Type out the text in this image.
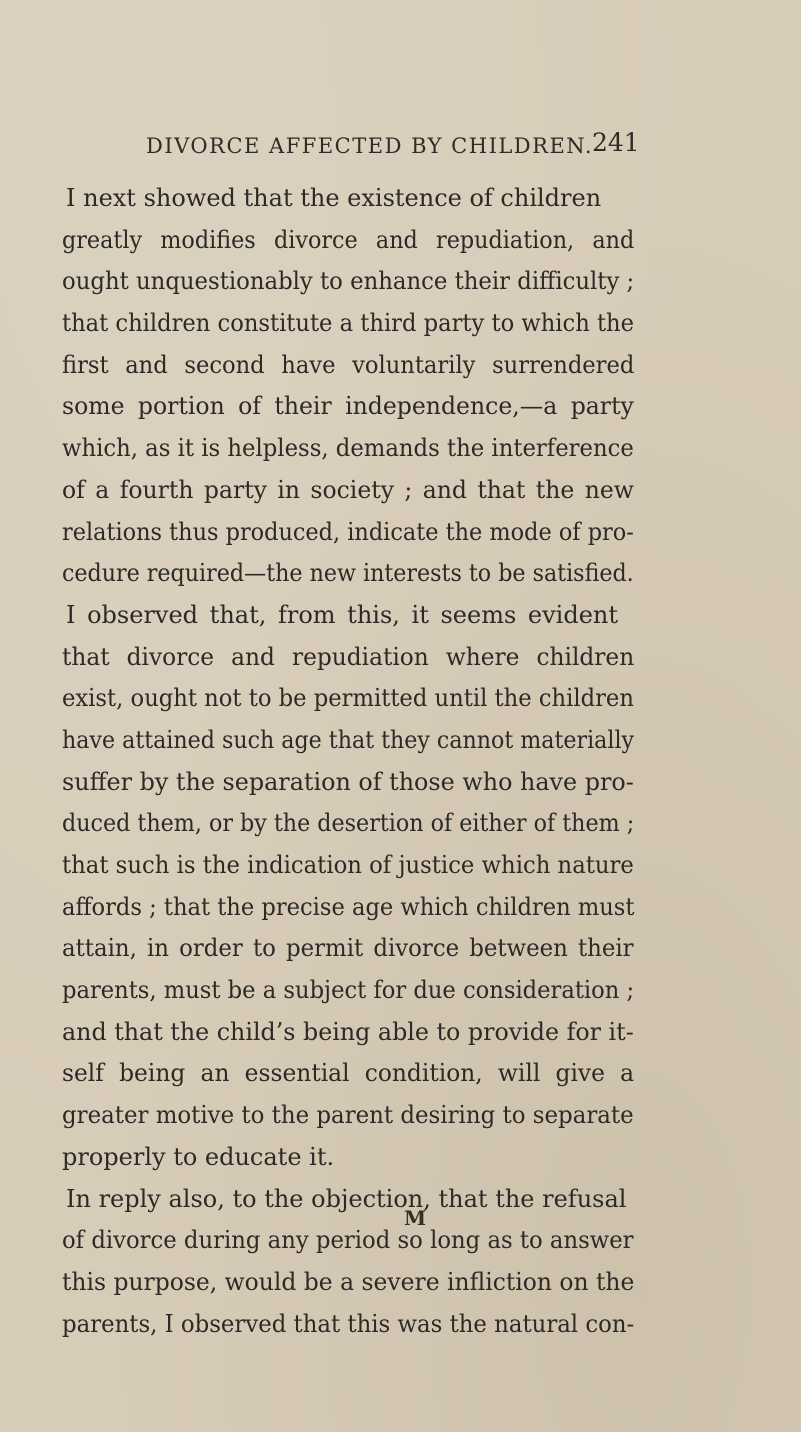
DIVORCE AFFECTED BY CHILDREN. 241
I next showed that the existence of children
greatly modifies divorce and repudiation, and
ought unquestionably to enhance their difficulty ;
that children constitute a third party to which the
first and second have voluntarily surrendered
some portion of their independence,—a party
which, as it is helpless, demands the interference
of a fourth party in society ; and that the new
relations thus produced, indicate the mode of pro-
cedure required—the new interests to be satisfied.
I observed that, from this, it seems evident
that divorce and repudiation where children
exist, ought not to be permitted until the children
have attained such age that they cannot materially
suffer by the separation of those who have pro-
duced them, or by the desertion of either of them ;
that such is the indication of justice which nature
affords ; that the precise age which children must
attain, in order to permit divorce between their
parents, must be a subject for due consideration ;
and that the child’s being able to provide for it-
self being an essential condition, will give a
greater motive to the parent desiring to separate
properly to educate it.
In reply also, to the objection, that the refusal
of divorce during any period so long as to answer
this purpose, would be a severe infliction on the
parents, I observed that this was the natural con-
M
